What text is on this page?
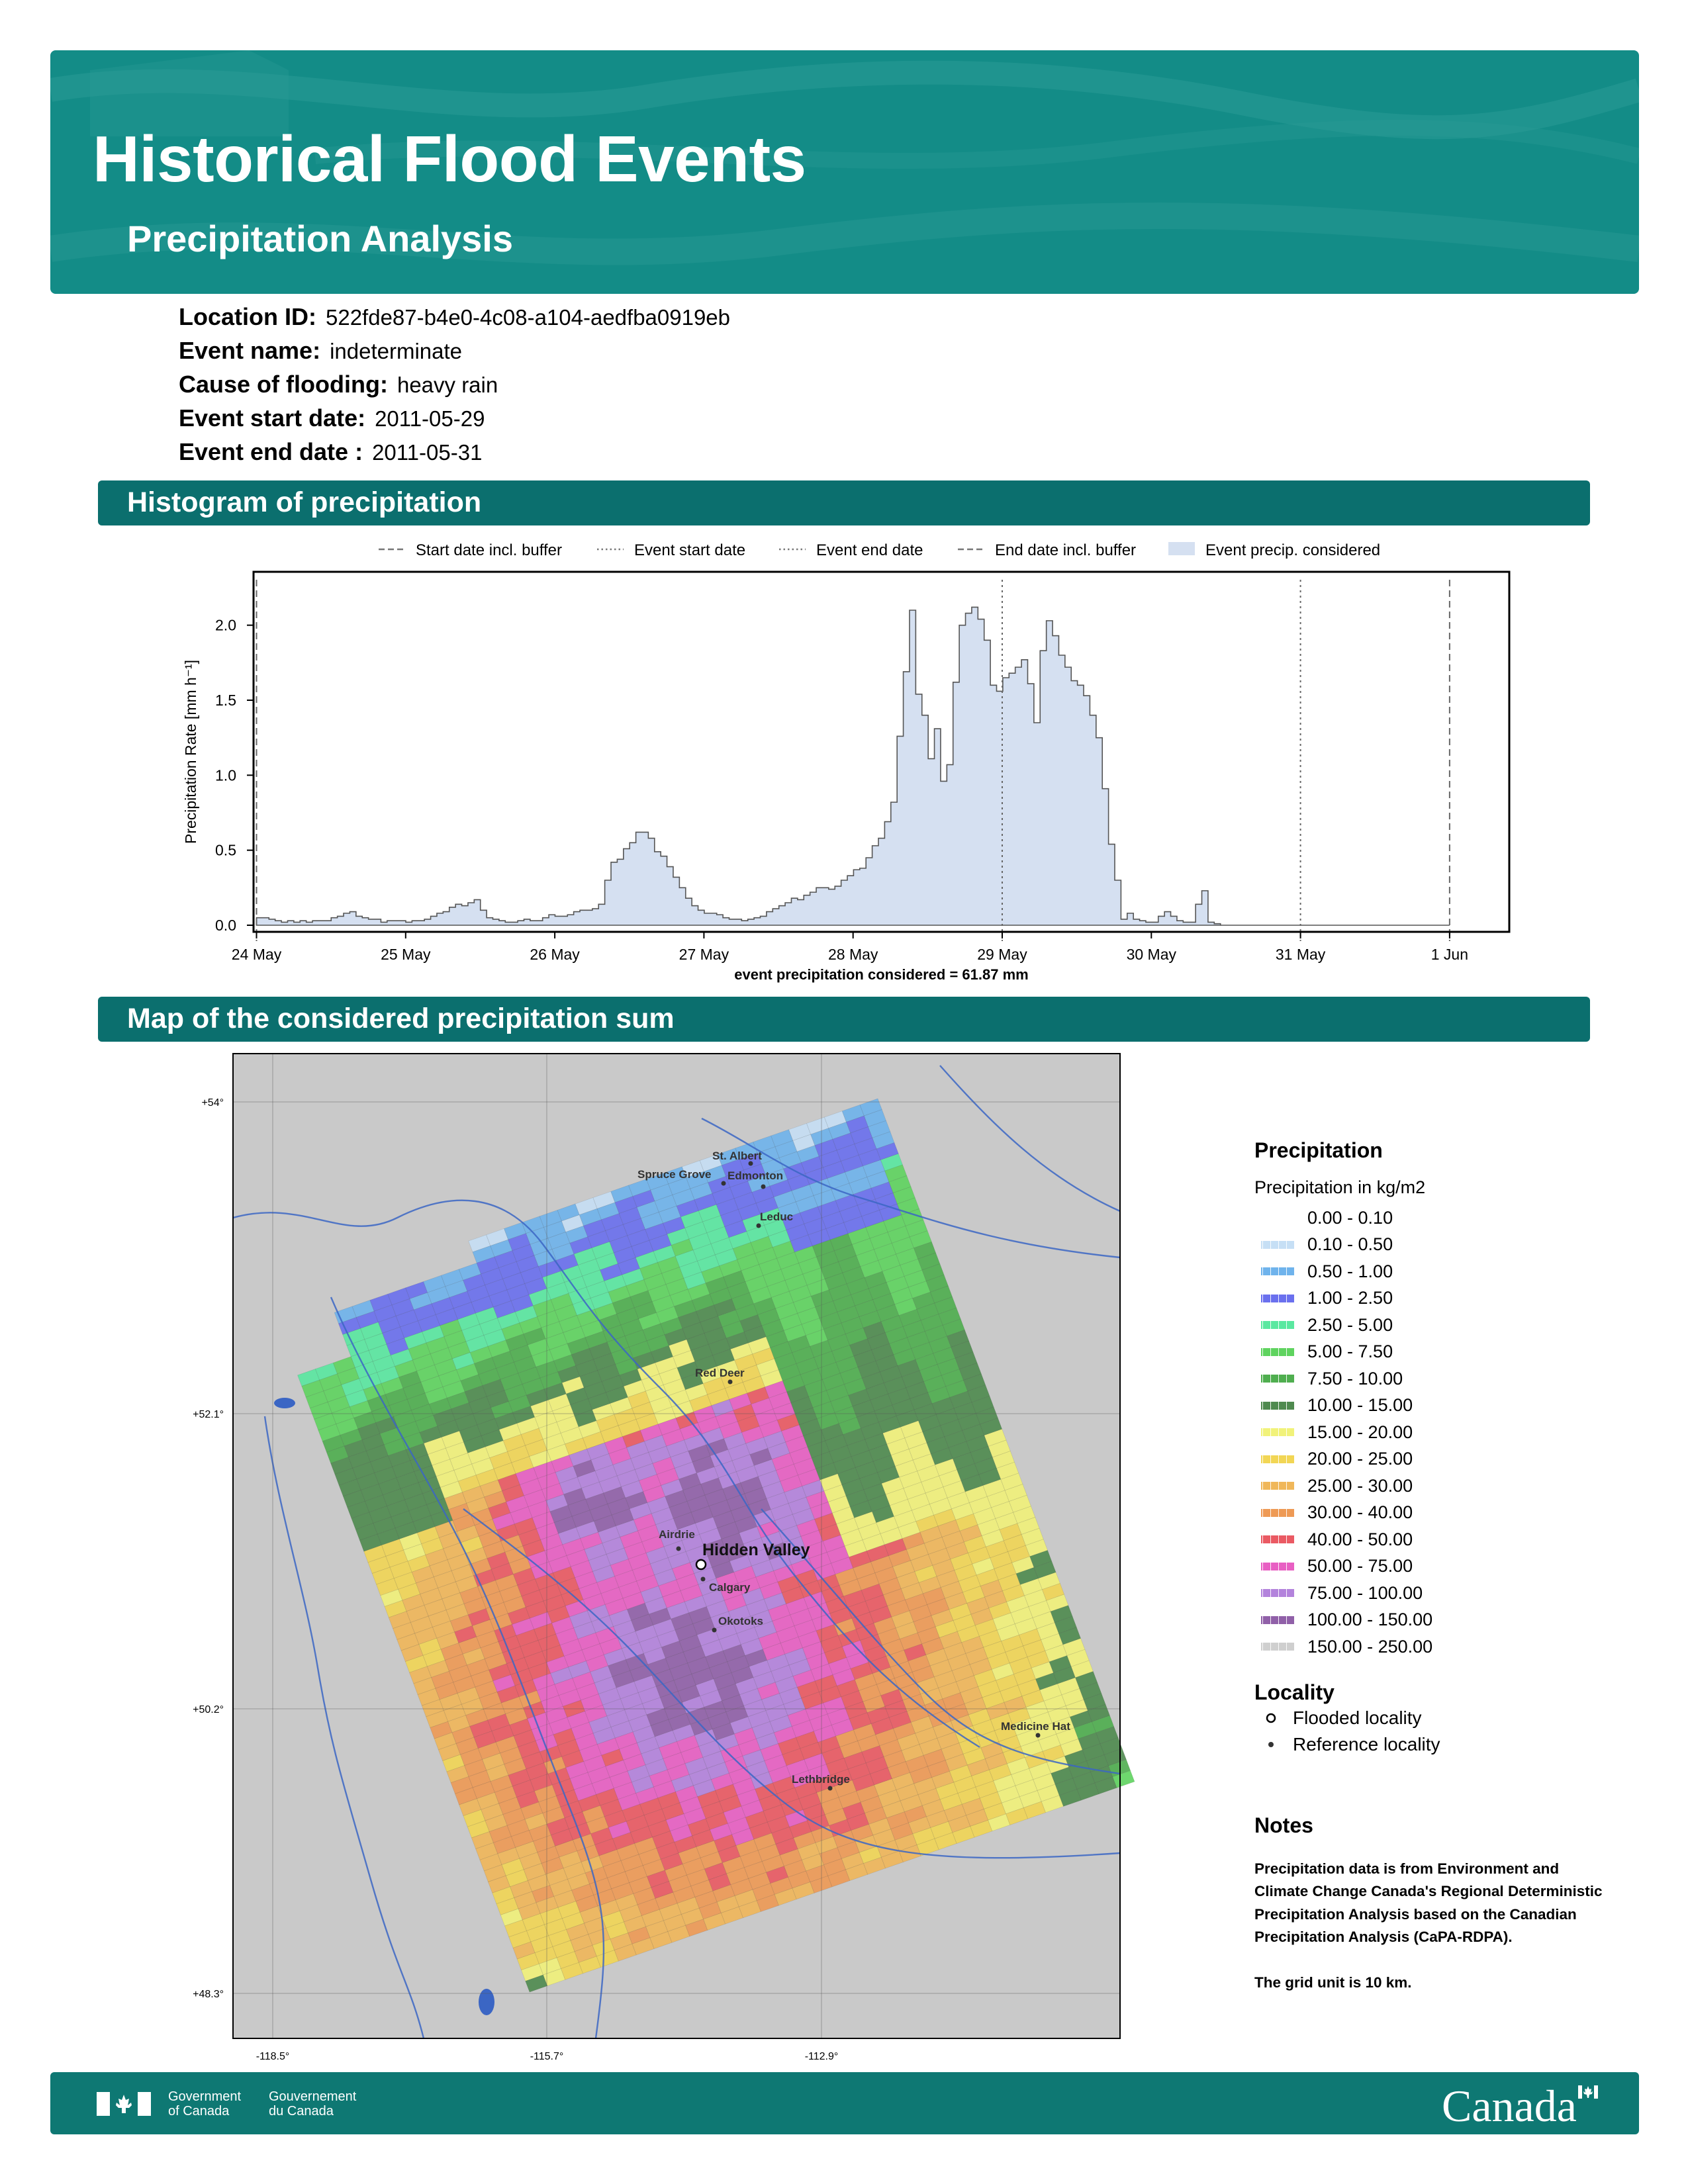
Historical Flood Events
Precipitation Analysis
Location ID: 522fde87-b4e0-4c08-a104-aedfba0919eb
Event name: indeterminate
Cause of flooding: heavy rain
Event start date: 2011-05-29
Event end date : 2011-05-31
Histogram of precipitation
Start date incl. buffer	Event start date	Event end date	End date incl. buffer	Event precip. considered
0.0
0.5
1.0
1.5
2.0
24 May	25 May	26 May	27 May	28 May	29 May	30 May	31 May	1 Jun
event precipitation considered = 61.87 mm
Precipitation Rate [mm h⁻¹]
Map of the considered precipitation sum
+54°
+52.1°
+50.2°
+48.3°
-118.5°	-115.7°	-112.9°
St. Albert
Spruce Grove Edmonton
Leduc
Red Deer
Airdrie
Hidden Valley
Calgary
Okotoks
Medicine Hat
Lethbridge
Precipitation
Precipitation in kg/m2
0.00 - 0.10
0.10 - 0.50
0.50 - 1.00
1.00 - 2.50
2.50 - 5.00
5.00 - 7.50
7.50 - 10.00
10.00 - 15.00
15.00 - 20.00
20.00 - 25.00
25.00 - 30.00
30.00 - 40.00
40.00 - 50.00
50.00 - 75.00
75.00 - 100.00
100.00 - 150.00
150.00 - 250.00
Locality
Flooded locality
Reference locality
Notes
Precipitation data is from Environment and Climate Change Canada's Regional Deterministic Precipitation Analysis based on the Canadian Precipitation Analysis (CaPA-RDPA).
The grid unit is 10 km.
Government
of Canada
Gouvernement
du Canada	Canada
